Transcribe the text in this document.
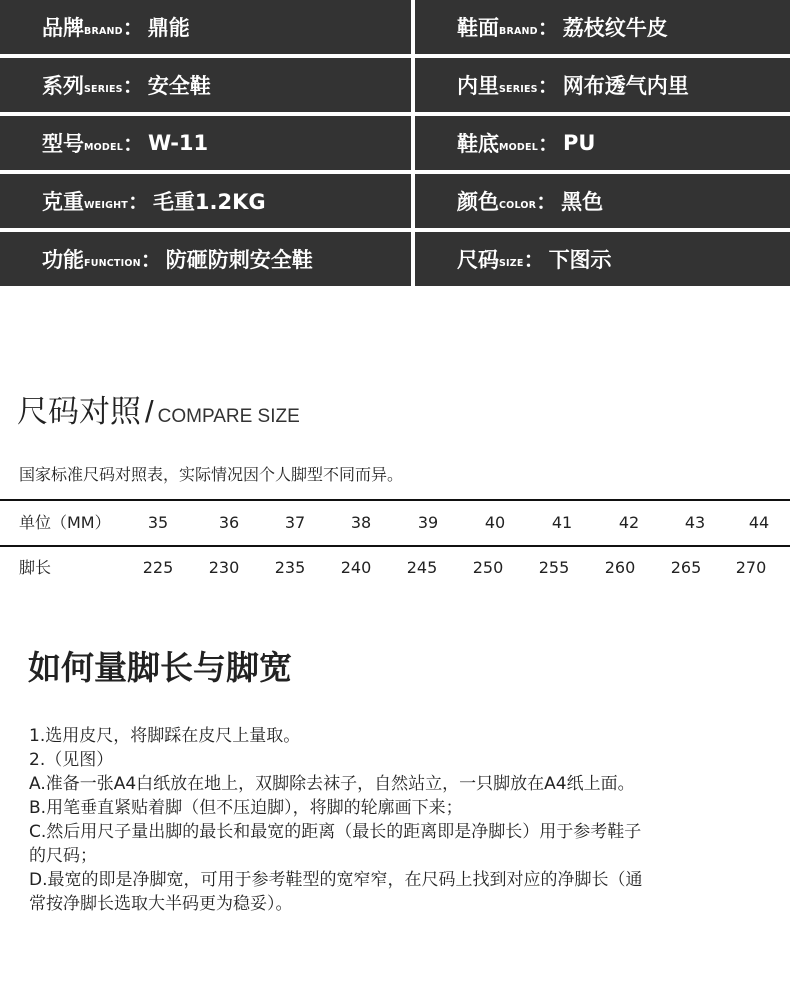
品牌 BRAND ： 鼎能	鞋面 BRAND ： 荔枝纹牛皮
系列 SERIES ： 安全鞋	内里 SERIES ： 网布透气内里
型号 MODEL ： W-11	鞋底 MODEL ： PU
克重 WEIGHT ： 毛重1.2KG	颜色 COLOR ： 黑色
功能 FUNCTION ： 防砸防刺安全鞋	尺码 SIZE ： 下图示
尺码对照 / COMPARE SIZE
国家标准尺码对照表，实际情况因个人脚型不同而异。
单位（MM）	35	36	37	38	39	40	41	42	43	44
脚长	225	230	235	240	245	250	255	260	265	270
如何量脚长与脚宽

1.选用皮尺，将脚踩在皮尺上量取。

2.（见图）

A.准备一张A4白纸放在地上，双脚除去袜子，自然站立，一只脚放在A4纸上面。

B.用笔垂直紧贴着脚（但不压迫脚），将脚的轮廓画下来；

C.然后用尺子量出脚的最长和最宽的距离（最长的距离即是净脚长）用于参考鞋子

的尺码；

D.最宽的即是净脚宽，可用于参考鞋型的宽窄窄，在尺码上找到对应的净脚长（通

常按净脚长选取大半码更为稳妥）。
